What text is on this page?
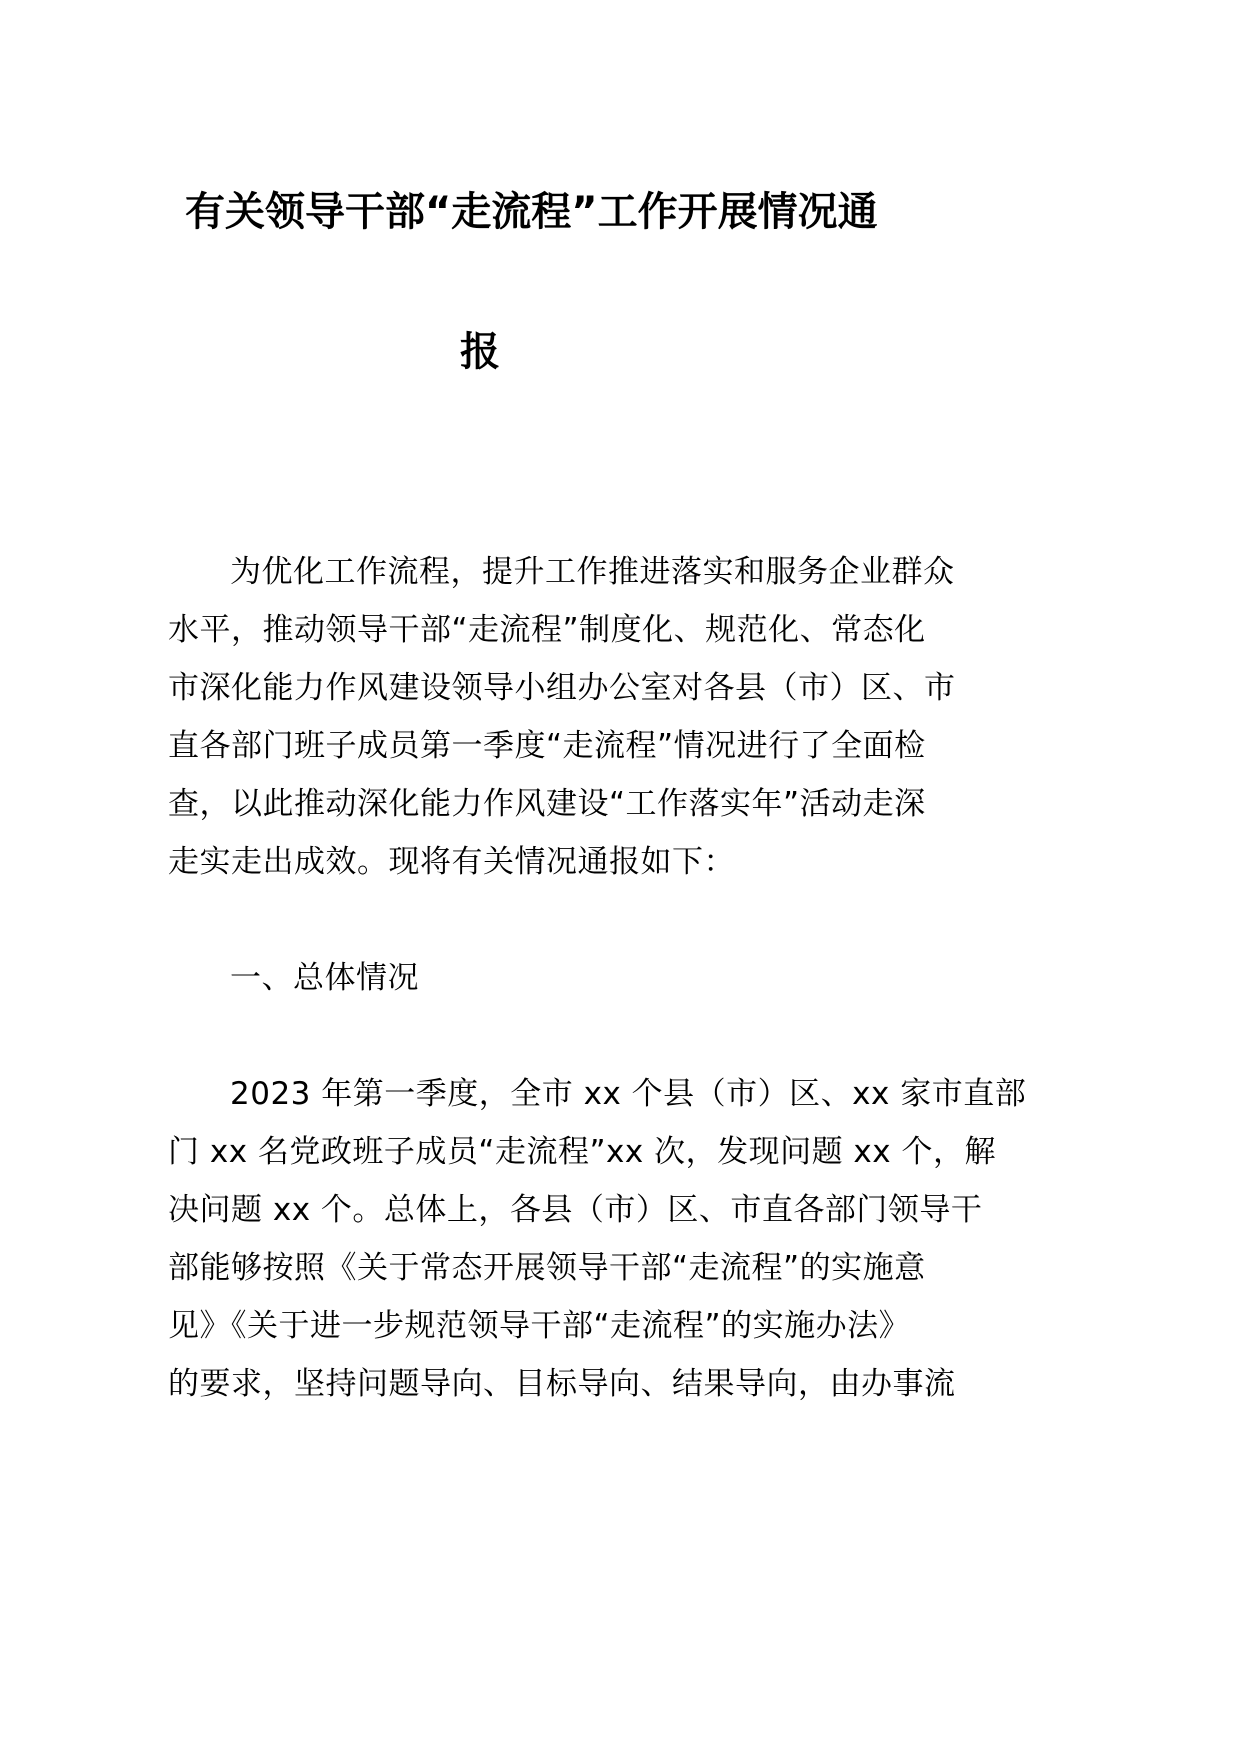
有关领导干部“走流程”工作开展情况通
报
为优化工作流程，提升工作推进落实和服务企业群众
水平，推动领导干部“走流程”制度化、规范化、常态化
市深化能力作风建设领导小组办公室对各县（市）区、市
直各部门班子成员第一季度“走流程”情况进行了全面检
查，以此推动深化能力作风建设“工作落实年”活动走深
走实走出成效。现将有关情况通报如下：
一、总体情况
2023 年第一季度，全市 xx 个县（市）区、xx 家市直部
门 xx 名党政班子成员“走流程”xx 次，发现问题 xx 个，解
决问题 xx 个。总体上，各县（市）区、市直各部门领导干
部能够按照《关于常态开展领导干部“走流程”的实施意
见》《关于进一步规范领导干部“走流程”的实施办法》
的要求，坚持问题导向、目标导向、结果导向，由办事流
